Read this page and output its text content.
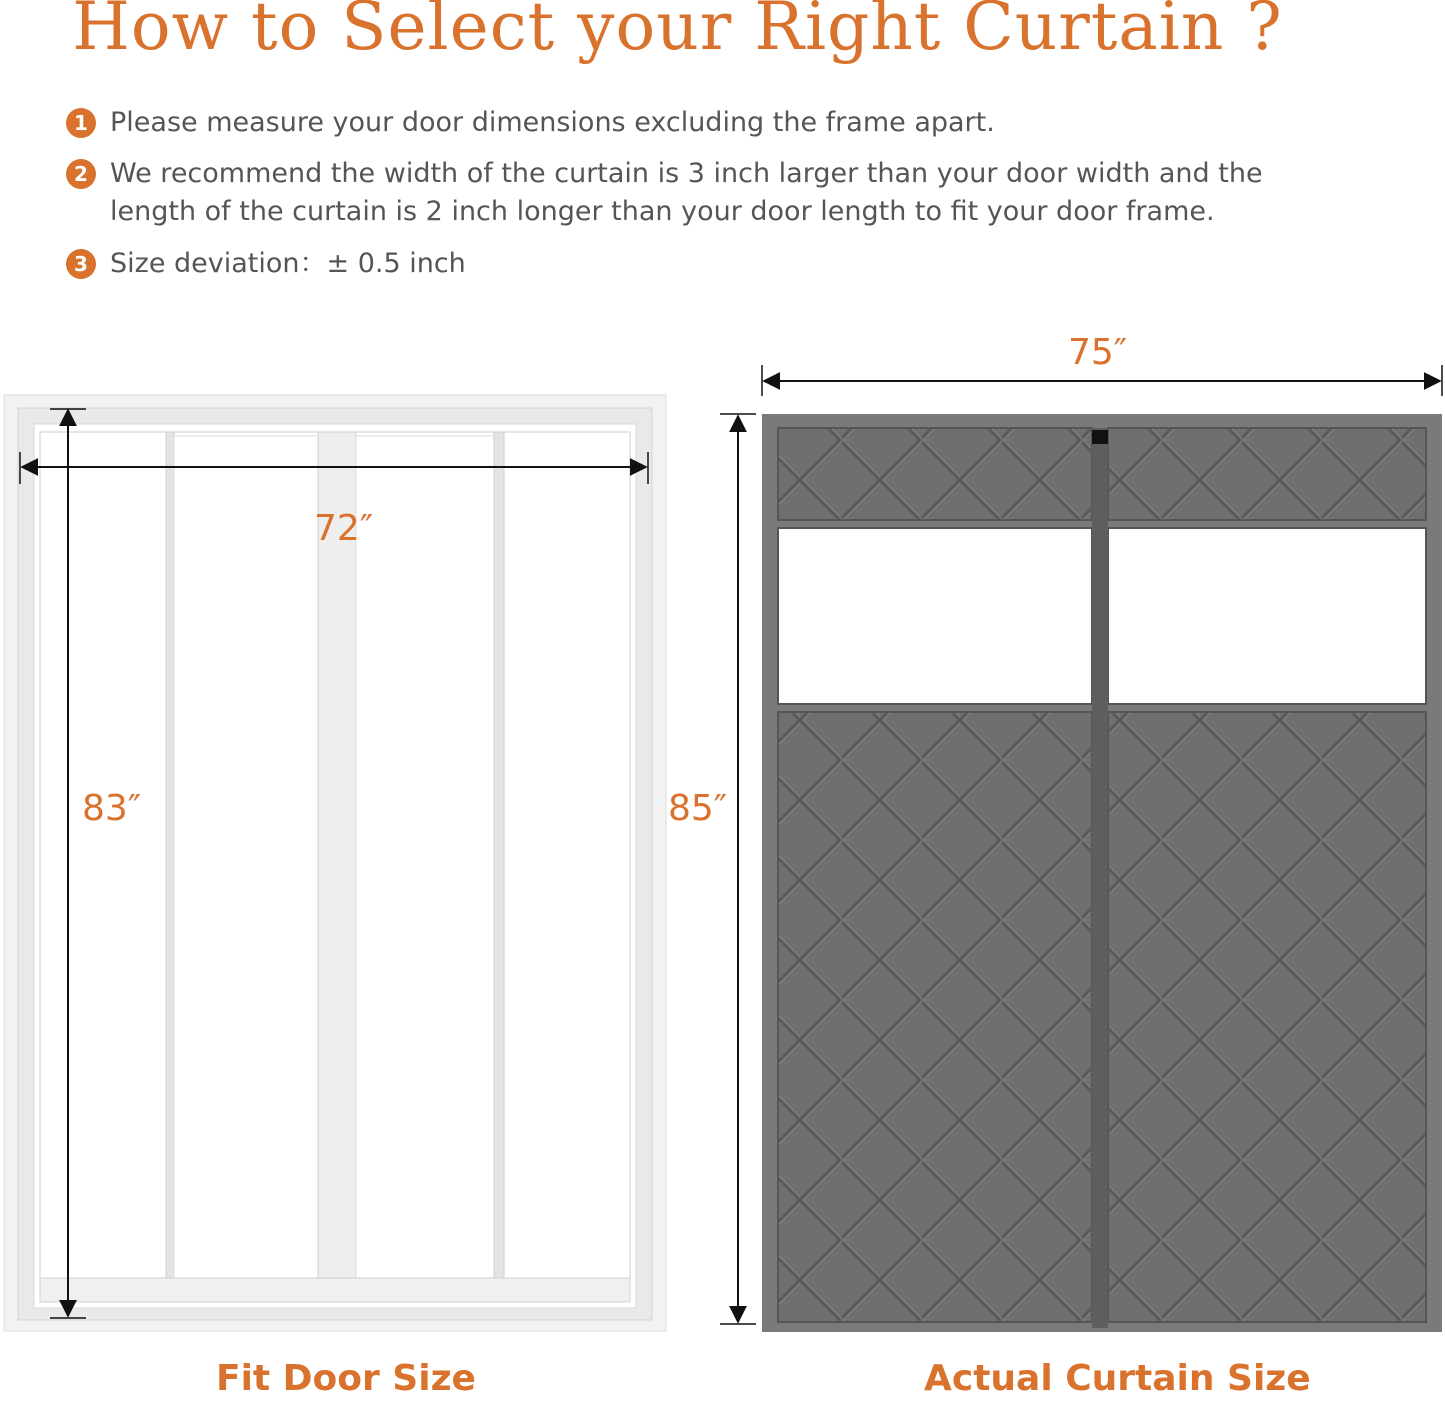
How to Select your Right Curtain ?
1 Please measure your door dimensions excluding the frame apart.
2 We recommend the width of the curtain is 3 inch larger than your door width and the
length of the curtain is 2 inch longer than your door length to fit your door frame.
3 Size deviation：± 0.5 inch
72″
83″
75″
85″
Fit Door Size	Actual Curtain Size
